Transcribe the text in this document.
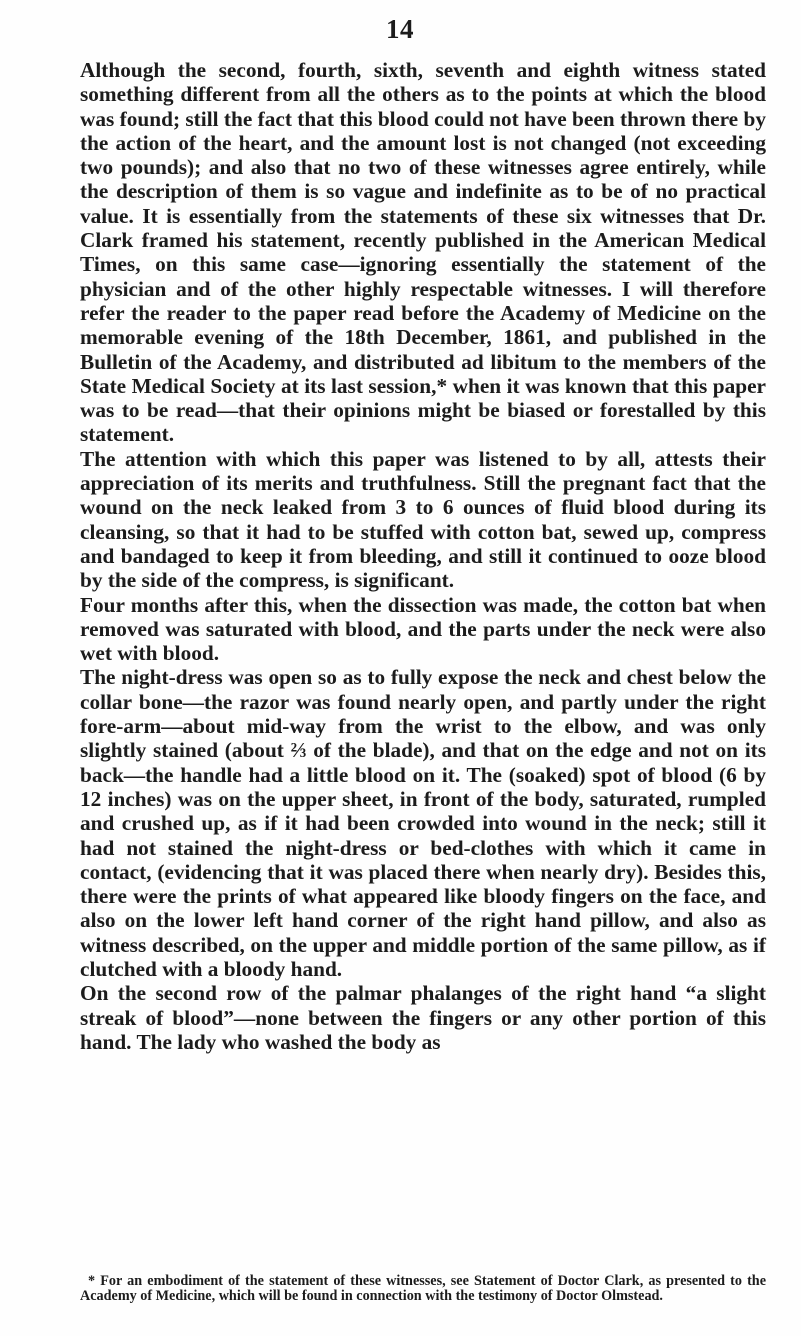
14

Although the second, fourth, sixth, seventh and eighth witness stated something different from all the others as to the points at which the blood was found; still the fact that this blood could not have been thrown there by the action of the heart, and the amount lost is not changed (not exceeding two pounds); and also that no two of these witnesses agree entirely, while the description of them is so vague and indefinite as to be of no practical value. It is essentially from the statements of these six witnesses that Dr. Clark framed his statement, recently published in the American Medical Times, on this same case—ignoring essentially the statement of the physician and of the other highly respectable witnesses. I will therefore refer the reader to the paper read before the Academy of Medicine on the memorable evening of the 18th December, 1861, and published in the Bulletin of the Academy, and distributed ad libitum to the members of the State Medical Society at its last session,* when it was known that this paper was to be read—that their opinions might be biased or forestalled by this statement.

The attention with which this paper was listened to by all, attests their appreciation of its merits and truthfulness. Still the pregnant fact that the wound on the neck leaked from 3 to 6 ounces of fluid blood during its cleansing, so that it had to be stuffed with cotton bat, sewed up, compress and bandaged to keep it from bleeding, and still it continued to ooze blood by the side of the compress, is significant.

Four months after this, when the dissection was made, the cotton bat when removed was saturated with blood, and the parts under the neck were also wet with blood.

The night-dress was open so as to fully expose the neck and chest below the collar bone—the razor was found nearly open, and partly under the right fore-arm—about mid-way from the wrist to the elbow, and was only slightly stained (about ⅔ of the blade), and that on the edge and not on its back—the handle had a little blood on it. The (soaked) spot of blood (6 by 12 inches) was on the upper sheet, in front of the body, saturated, rumpled and crushed up, as if it had been crowded into wound in the neck; still it had not stained the night-dress or bed-clothes with which it came in contact, (evidencing that it was placed there when nearly dry). Besides this, there were the prints of what appeared like bloody fingers on the face, and also on the lower left hand corner of the right hand pillow, and also as witness described, on the upper and middle portion of the same pillow, as if clutched with a bloody hand.

On the second row of the palmar phalanges of the right hand “a slight streak of blood”—none between the fingers or any other portion of this hand. The lady who washed the body as

* For an embodiment of the statement of these witnesses, see Statement of Doctor Clark, as presented to the Academy of Medicine, which will be found in connection with the testimony of Doctor Olmstead.
